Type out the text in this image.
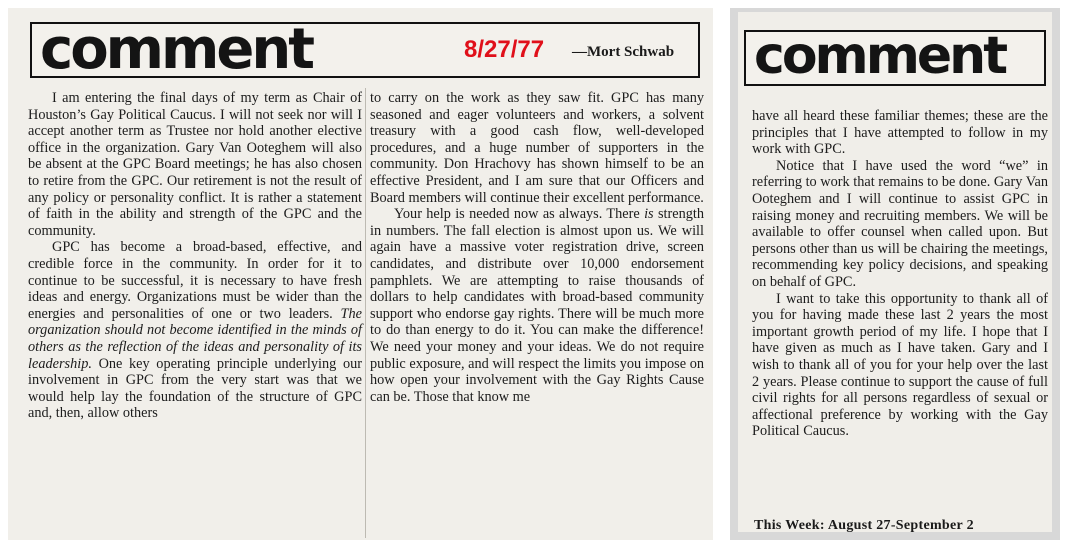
comment	8/27/77 —Mort Schwab

I am entering the final days of my term as Chair of Houston’s Gay Political Caucus. I will not seek nor will I accept another term as Trustee nor hold another elective office in the organization. Gary Van Ooteghem will also be absent at the GPC Board meetings; he has also chosen to retire from the GPC. Our retirement is not the result of any policy or personality conflict. It is rather a statement of faith in the ability and strength of the GPC and the community.

GPC has become a broad-based, effective, and credible force in the community. In order for it to continue to be successful, it is necessary to have fresh ideas and energy. Organizations must be wider than the energies and personalities of one or two leaders. The organization should not become identified in the minds of others as the reflection of the ideas and personality of its leadership. One key operating principle underlying our involvement in GPC from the very start was that we would help lay the foundation of the structure of GPC and, then, allow others

to carry on the work as they saw fit. GPC has many seasoned and eager volunteers and workers, a solvent treasury with a good cash flow, well-developed procedures, and a huge number of supporters in the community. Don Hrachovy has shown himself to be an effective President, and I am sure that our Officers and Board members will continue their excellent performance.

Your help is needed now as always. There is strength in numbers. The fall election is almost upon us. We will again have a massive voter registration drive, screen candidates, and distribute over 10,000 endorsement pamphlets. We are attempting to raise thousands of dollars to help candidates with broad-based community support who endorse gay rights. There will be much more to do than energy to do it. You can make the difference! We need your money and your ideas. We do not require public exposure, and will respect the limits you impose on how open your involvement with the Gay Rights Cause can be. Those that know me

comment

have all heard these familiar themes; these are the principles that I have attempted to follow in my work with GPC.

Notice that I have used the word “we” in referring to work that remains to be done. Gary Van Ooteghem and I will continue to assist GPC in raising money and recruiting members. We will be available to offer counsel when called upon. But persons other than us will be chairing the meetings, recommending key policy decisions, and speaking on behalf of GPC.

I want to take this opportunity to thank all of you for having made these last 2 years the most important growth period of my life. I hope that I have given as much as I have taken. Gary and I wish to thank all of you for your help over the last 2 years. Please continue to support the cause of full civil rights for all persons regardless of sexual or affectional preference by working with the Gay Political Caucus.

This Week: August 27-September 2
